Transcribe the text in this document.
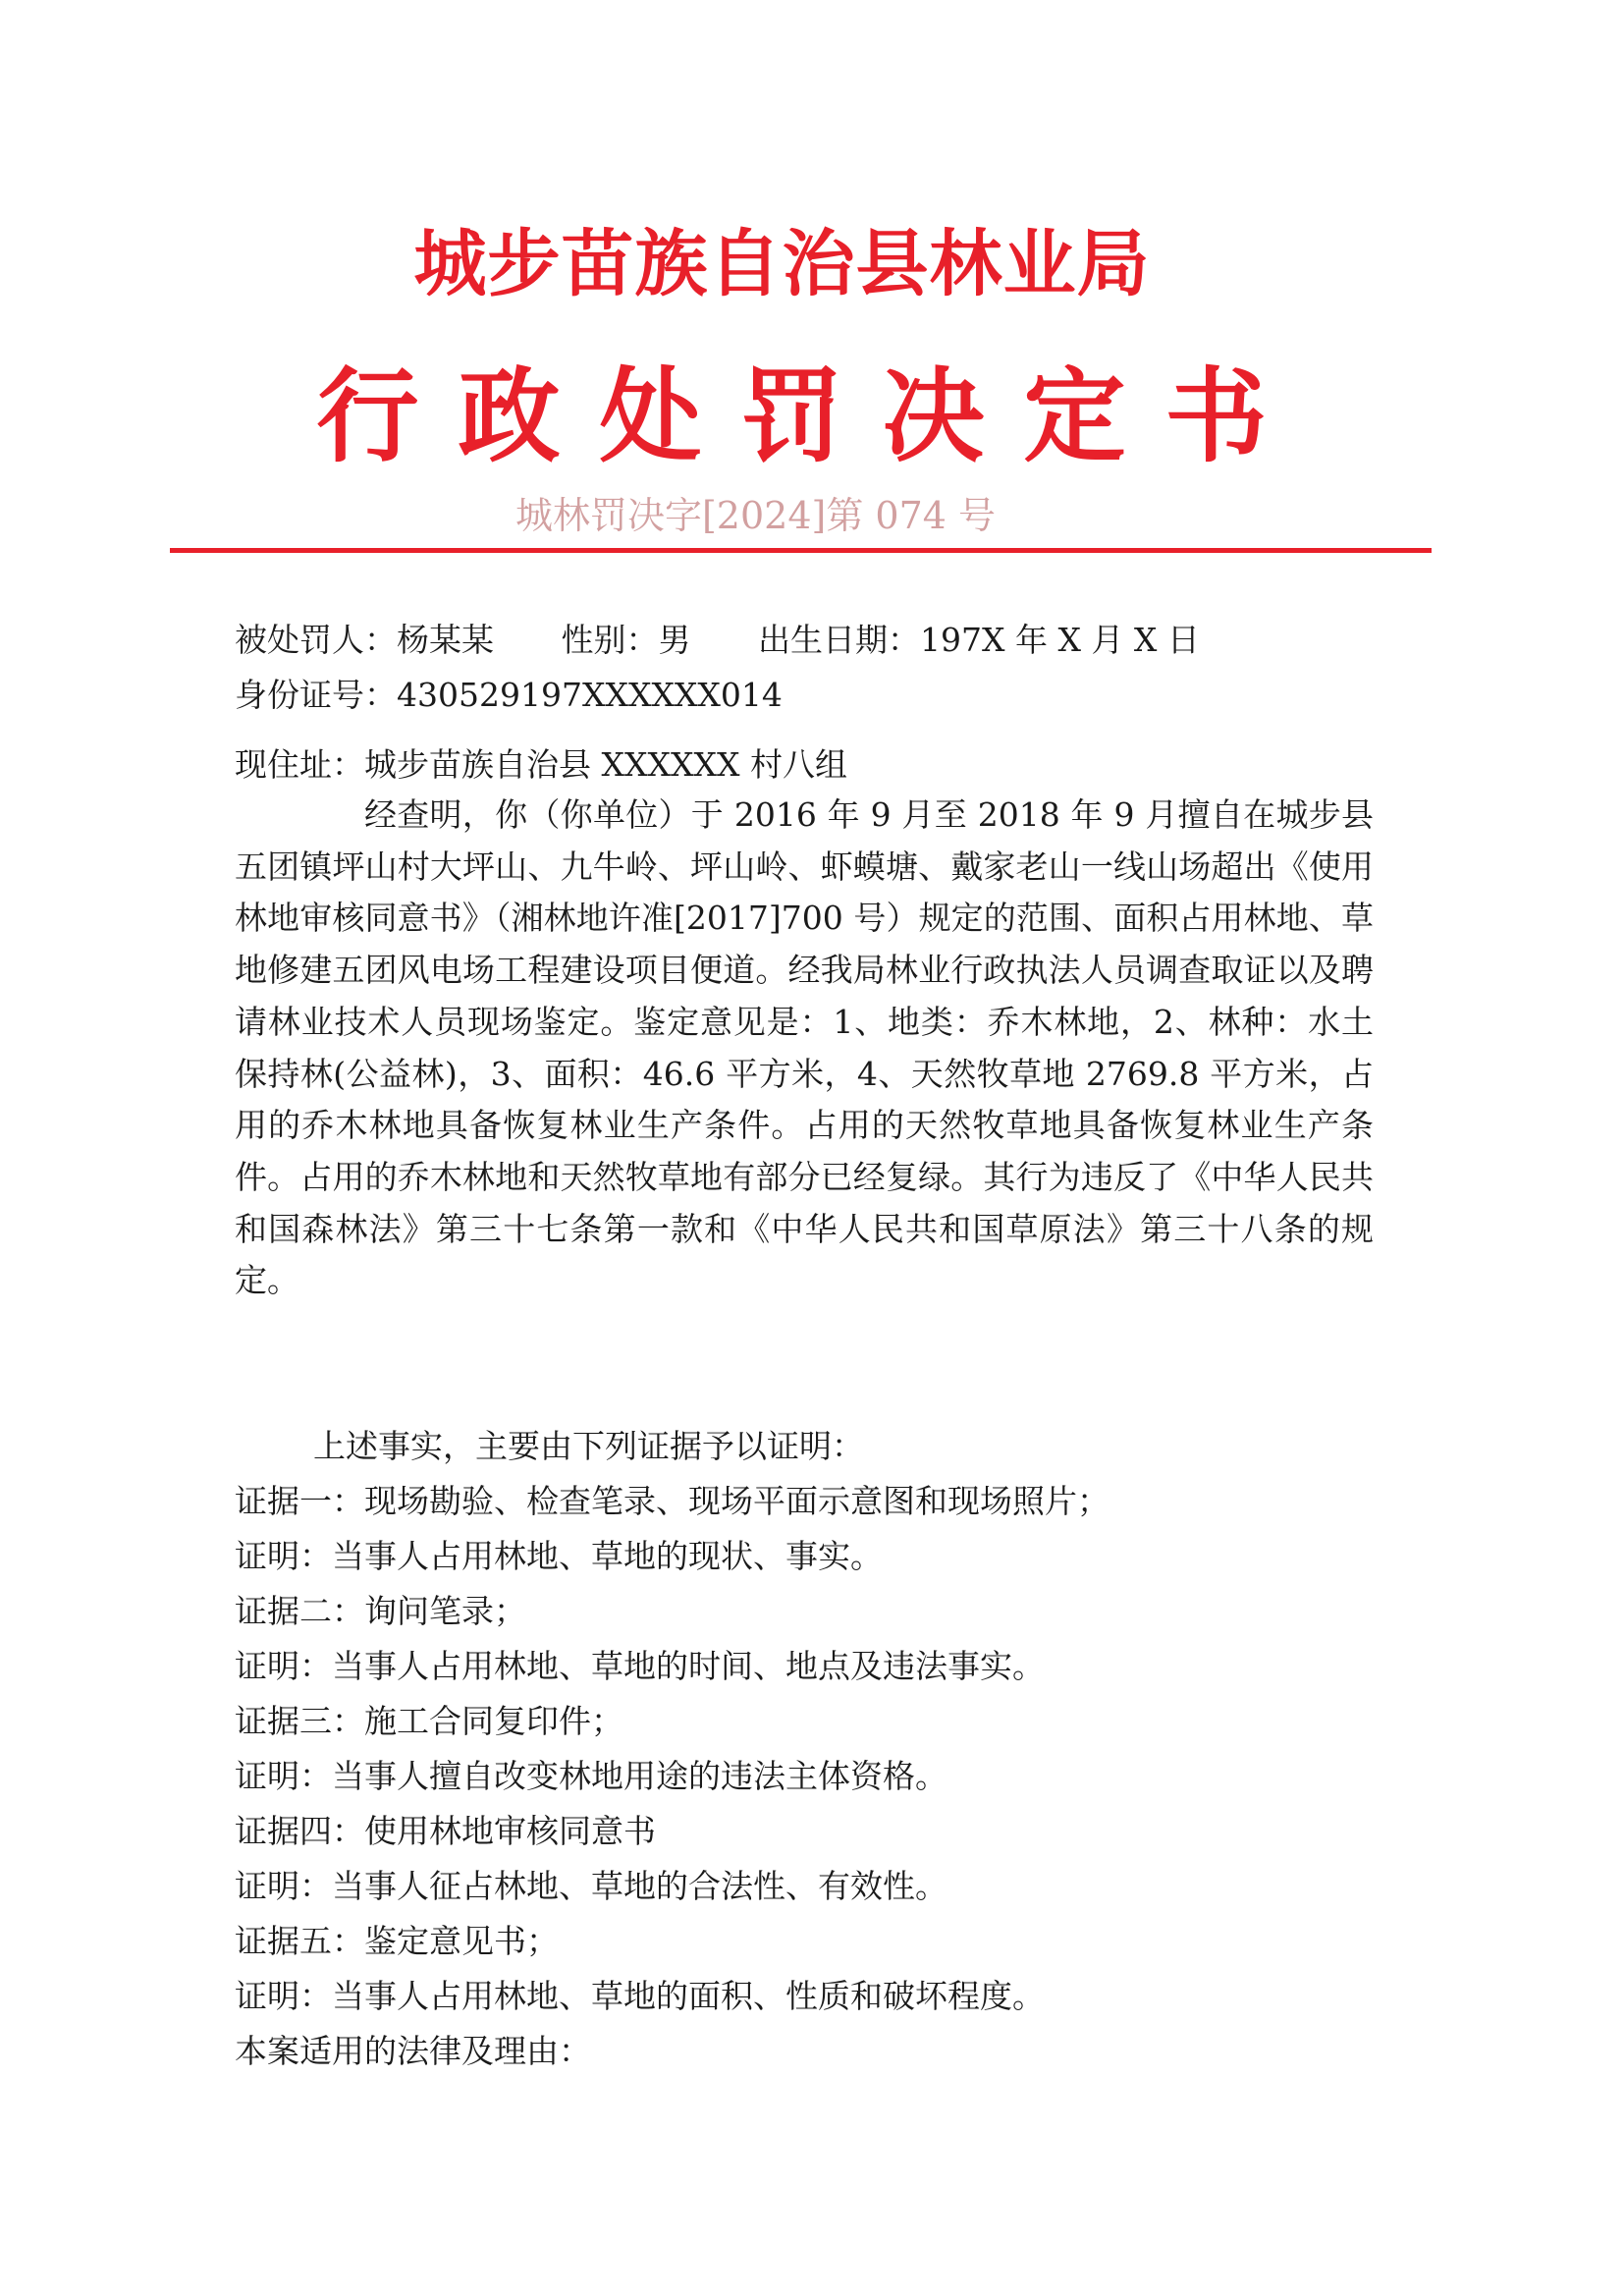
城步苗族自治县林业局
行政处罚决定书
城林罚决字[2024]第 074 号
被处罚人：杨某某 性别：男 出生日期：197X 年 X 月 X 日
身份证号：430529197XXXXXX014
现住址：城步苗族自治县 XXXXXX 村八组

经查明，你（你单位）于 2016 年 9 月至 2018 年 9 月擅自在城步县五团镇坪山村大坪山、九牛岭、坪山岭、虾蟆塘、戴家老山一线山场超出《使用林地审核同意书》（湘林地许准[2017]700 号）规定的范围、面积占用林地、草地修建五团风电场工程建设项目便道。经我局林业行政执法人员调查取证以及聘请林业技术人员现场鉴定。鉴定意见是：1、地类：乔木林地，2、林种：水土保持林(公益林)，3、面积：46.6 平方米，4、天然牧草地 2769.8 平方米，占用的乔木林地具备恢复林业生产条件。占用的天然牧草地具备恢复林业生产条件。占用的乔木林地和天然牧草地有部分已经复绿。其行为违反了《中华人民共和国森林法》第三十七条第一款和《中华人民共和国草原法》第三十八条的规定。

上述事实，主要由下列证据予以证明：
证据一：现场勘验、检查笔录、现场平面示意图和现场照片；
证明：当事人占用林地、草地的现状、事实。
证据二：询问笔录；
证明：当事人占用林地、草地的时间、地点及违法事实。
证据三：施工合同复印件；
证明：当事人擅自改变林地用途的违法主体资格。
证据四：使用林地审核同意书
证明：当事人征占林地、草地的合法性、有效性。
证据五：鉴定意见书；
证明：当事人占用林地、草地的面积、性质和破坏程度。
本案适用的法律及理由：
